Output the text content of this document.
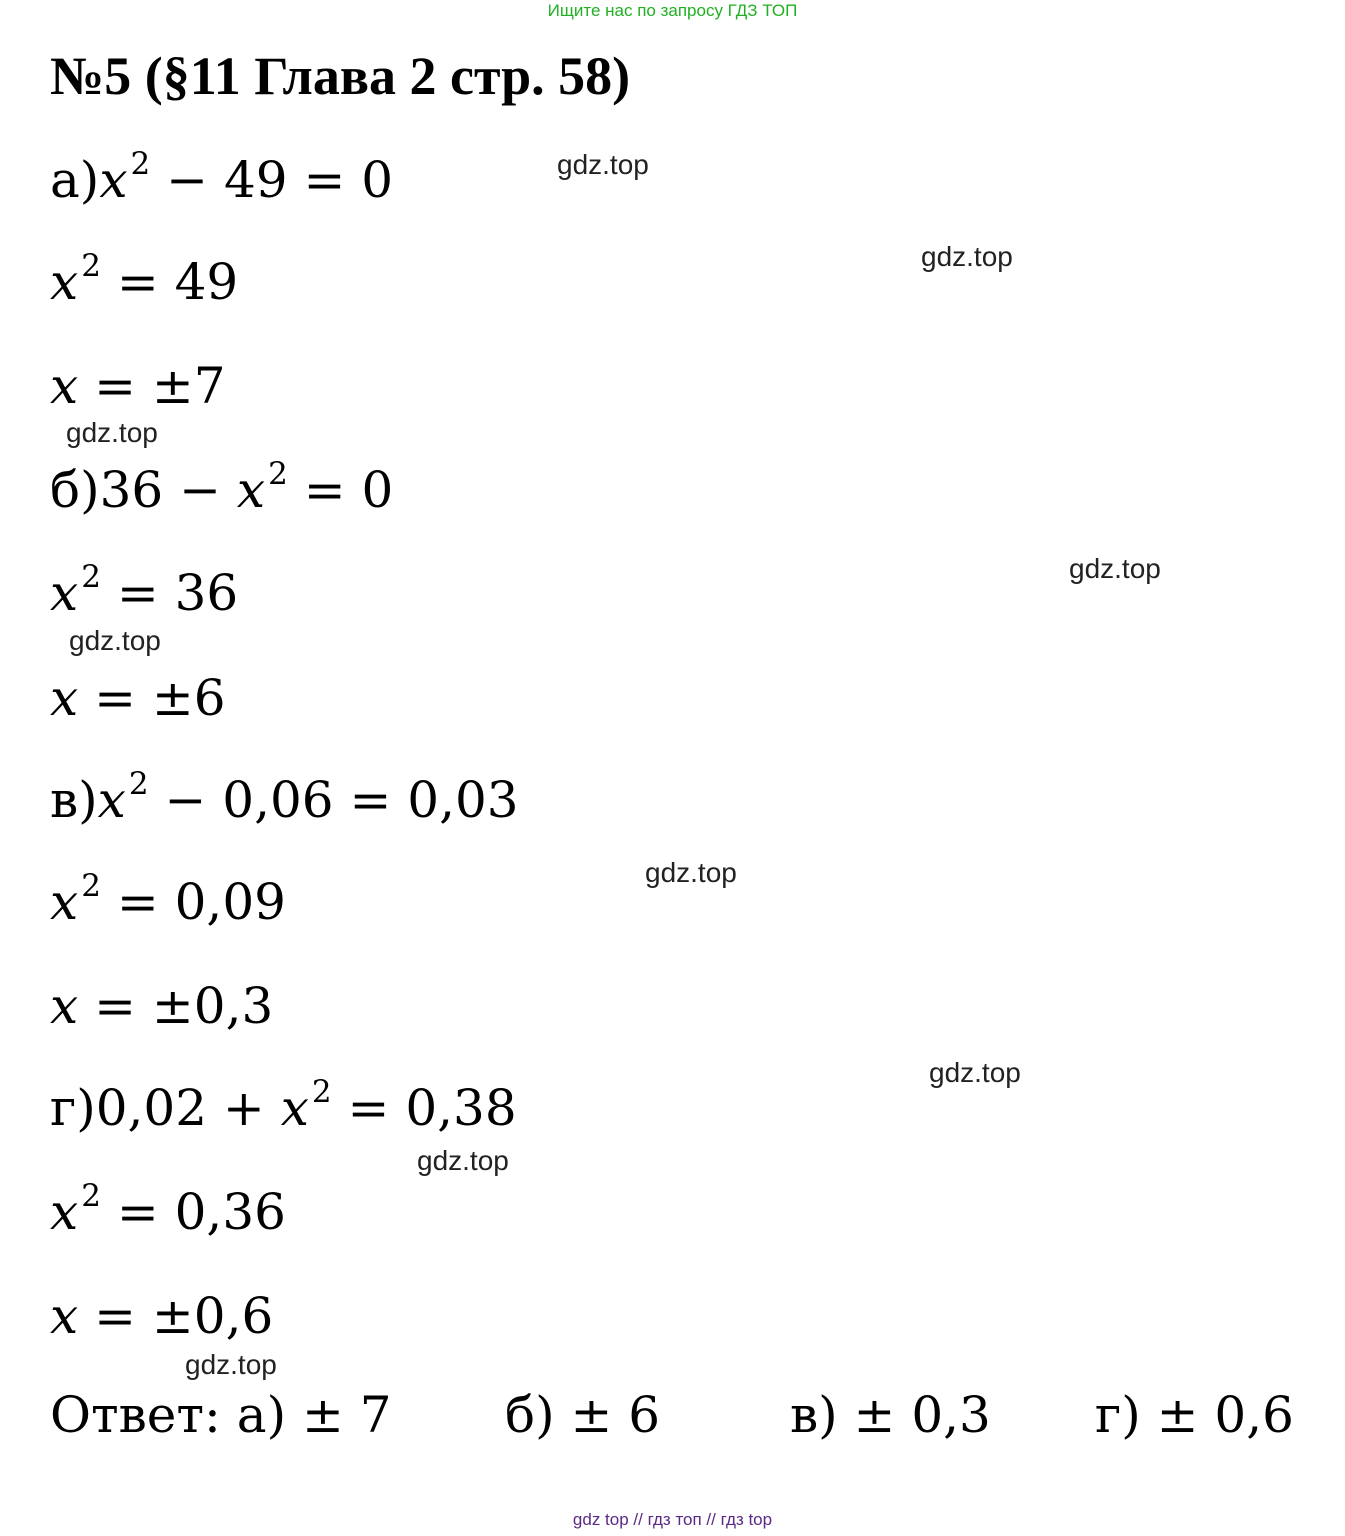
Ищите нас по запросу ГДЗ ТОП
№5 (§11 Глава 2 стр. 58)
$а)x^2 - 49 = 0$
$x^2 = 49$
x = ±7
$б)36 - x^2 = 0$
$x^2 = 36$
x = ±6
$в)x^2 - 0,06 = 0,03$
$x^2 = 0,09$
x = ±0,3
$г)0,02 + x^2 = 0,38$
$x^2 = 0,36$
x = ±0,6
Ответ: а) ± 7 б) ± 6	в) ± 0,3 г) ± 0,6
gdz.top
gdz.top
gdz.top
gdz.top
gdz.top
gdz.top
gdz.top
gdz.top
gdz.top
gdz top // гдз топ // гдз top
